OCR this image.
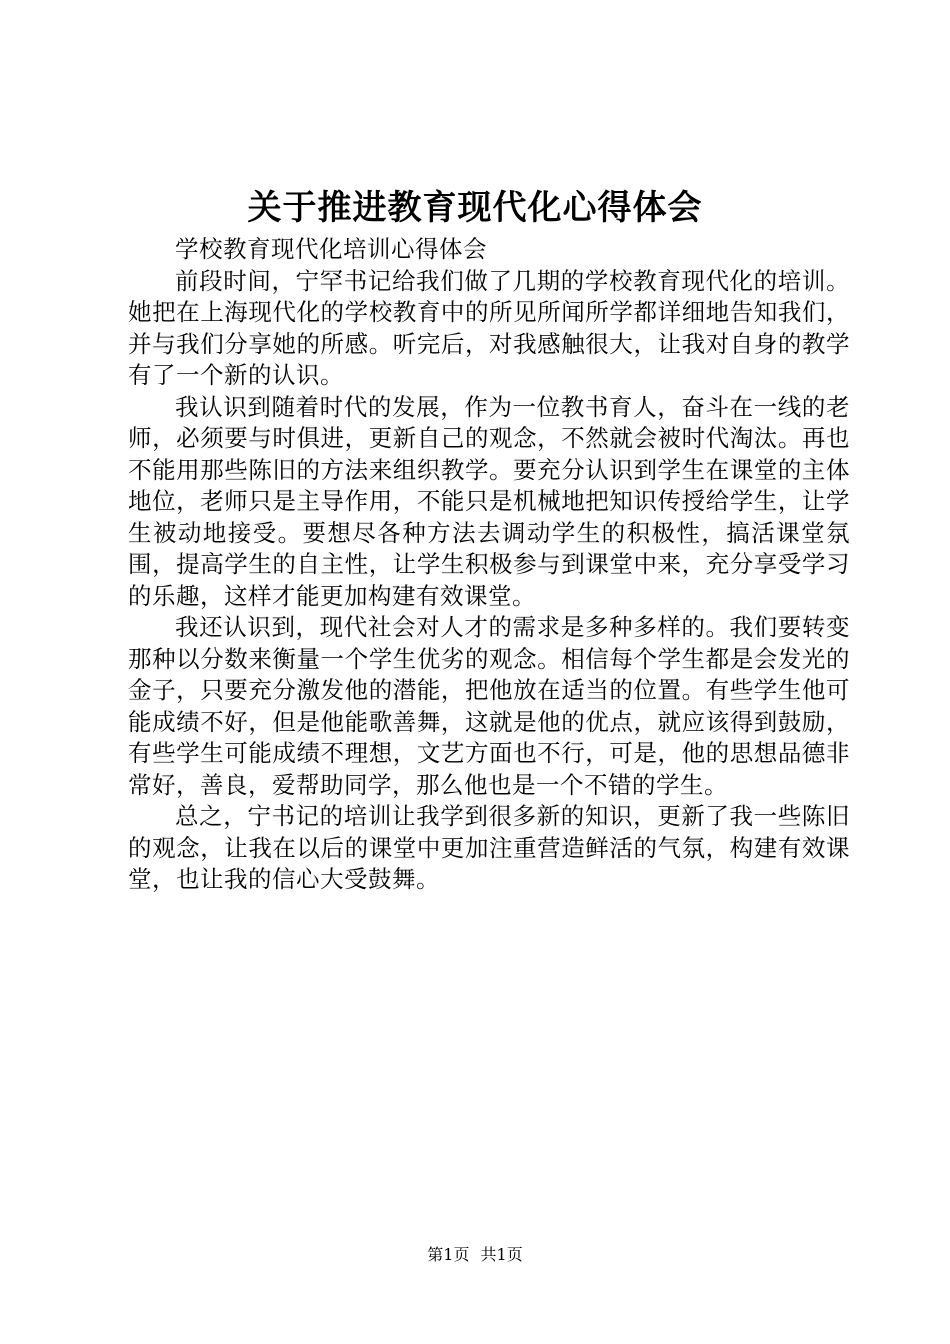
关于推进教育现代化心得体会

学校教育现代化培训心得体会

前段时间，宁罕书记给我们做了几期的学校教育现代化的培训。她把在上海现代化的学校教育中的所见所闻所学都详细地告知我们，并与我们分享她的所感。听完后，对我感触很大，让我对自身的教学有了一个新的认识。

我认识到随着时代的发展，作为一位教书育人，奋斗在一线的老师，必须要与时俱进，更新自己的观念，不然就会被时代淘汰。再也不能用那些陈旧的方法来组织教学。要充分认识到学生在课堂的主体地位，老师只是主导作用，不能只是机械地把知识传授给学生，让学生被动地接受。要想尽各种方法去调动学生的积极性，搞活课堂氛围，提高学生的自主性，让学生积极参与到课堂中来，充分享受学习的乐趣，这样才能更加构建有效课堂。

我还认识到，现代社会对人才的需求是多种多样的。我们要转变那种以分数来衡量一个学生优劣的观念。相信每个学生都是会发光的金子，只要充分激发他的潜能，把他放在适当的位置。有些学生他可能成绩不好，但是他能歌善舞，这就是他的优点，就应该得到鼓励，有些学生可能成绩不理想，文艺方面也不行，可是，他的思想品德非常好，善良，爱帮助同学，那么他也是一个不错的学生。

总之，宁书记的培训让我学到很多新的知识，更新了我一些陈旧的观念，让我在以后的课堂中更加注重营造鲜活的气氛，构建有效课堂，也让我的信心大受鼓舞。

第1页 共1页
